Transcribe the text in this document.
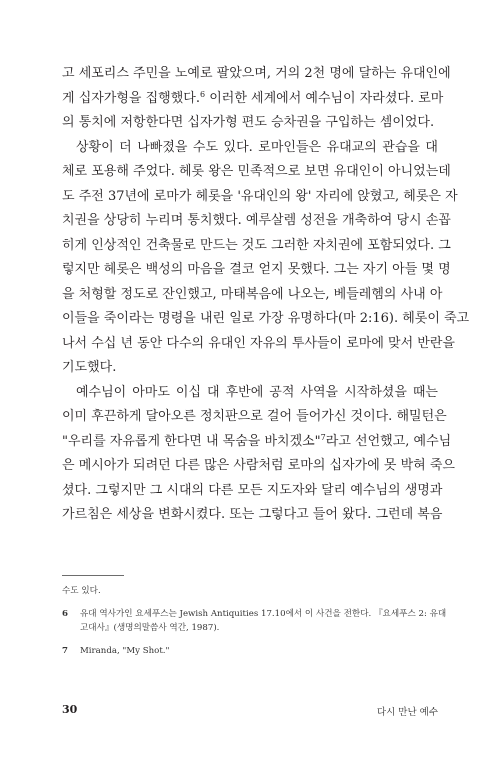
고 세포리스 주민을 노예로 팔았으며, 거의 2천 명에 달하는 유대인에
게 십자가형을 집행했다.$^6$ 이러한 세계에서 예수님이 자라셨다. 로마
의 통치에 저항한다면 십자가형 편도 승차권을 구입하는 셈이었다.
상황이 더 나빠졌을 수도 있다. 로마인들은 유대교의 관습을 대
체로 포용해 주었다. 헤롯 왕은 민족적으로 보면 유대인이 아니었는데
도 주전 37년에 로마가 헤롯을 '유대인의 왕' 자리에 앉혔고, 헤롯은 자
치권을 상당히 누리며 통치했다. 예루살렘 성전을 개축하여 당시 손꼽
히게 인상적인 건축물로 만드는 것도 그러한 자치권에 포함되었다. 그
렇지만 헤롯은 백성의 마음을 결코 얻지 못했다. 그는 자기 아들 몇 명
을 처형할 정도로 잔인했고, 마태복음에 나오는, 베들레헴의 사내 아
이들을 죽이라는 명령을 내린 일로 가장 유명하다(마 2:16). 헤롯이 죽고
나서 수십 년 동안 다수의 유대인 자유의 투사들이 로마에 맞서 반란을
기도했다.
예수님이 아마도 이십 대 후반에 공적 사역을 시작하셨을 때는
이미 후끈하게 달아오른 정치판으로 걸어 들어가신 것이다. 해밀턴은
"우리를 자유롭게 한다면 내 목숨을 바치겠소"$^7$라고 선언했고, 예수님
은 메시아가 되려던 다른 많은 사람처럼 로마의 십자가에 못 박혀 죽으
셨다. 그렇지만 그 시대의 다른 모든 지도자와 달리 예수님의 생명과
가르침은 세상을 변화시켰다. 또는 그렇다고 들어 왔다. 그런데 복음
수도 있다.
6 유대 역사가인 요세푸스는 Jewish Antiquities 17.10에서 이 사건을 전한다. 『요세푸스 2: 유대
고대사』(생명의말씀사 역간, 1987).
7 Miranda, "My Shot."
30	다시 만난 예수
